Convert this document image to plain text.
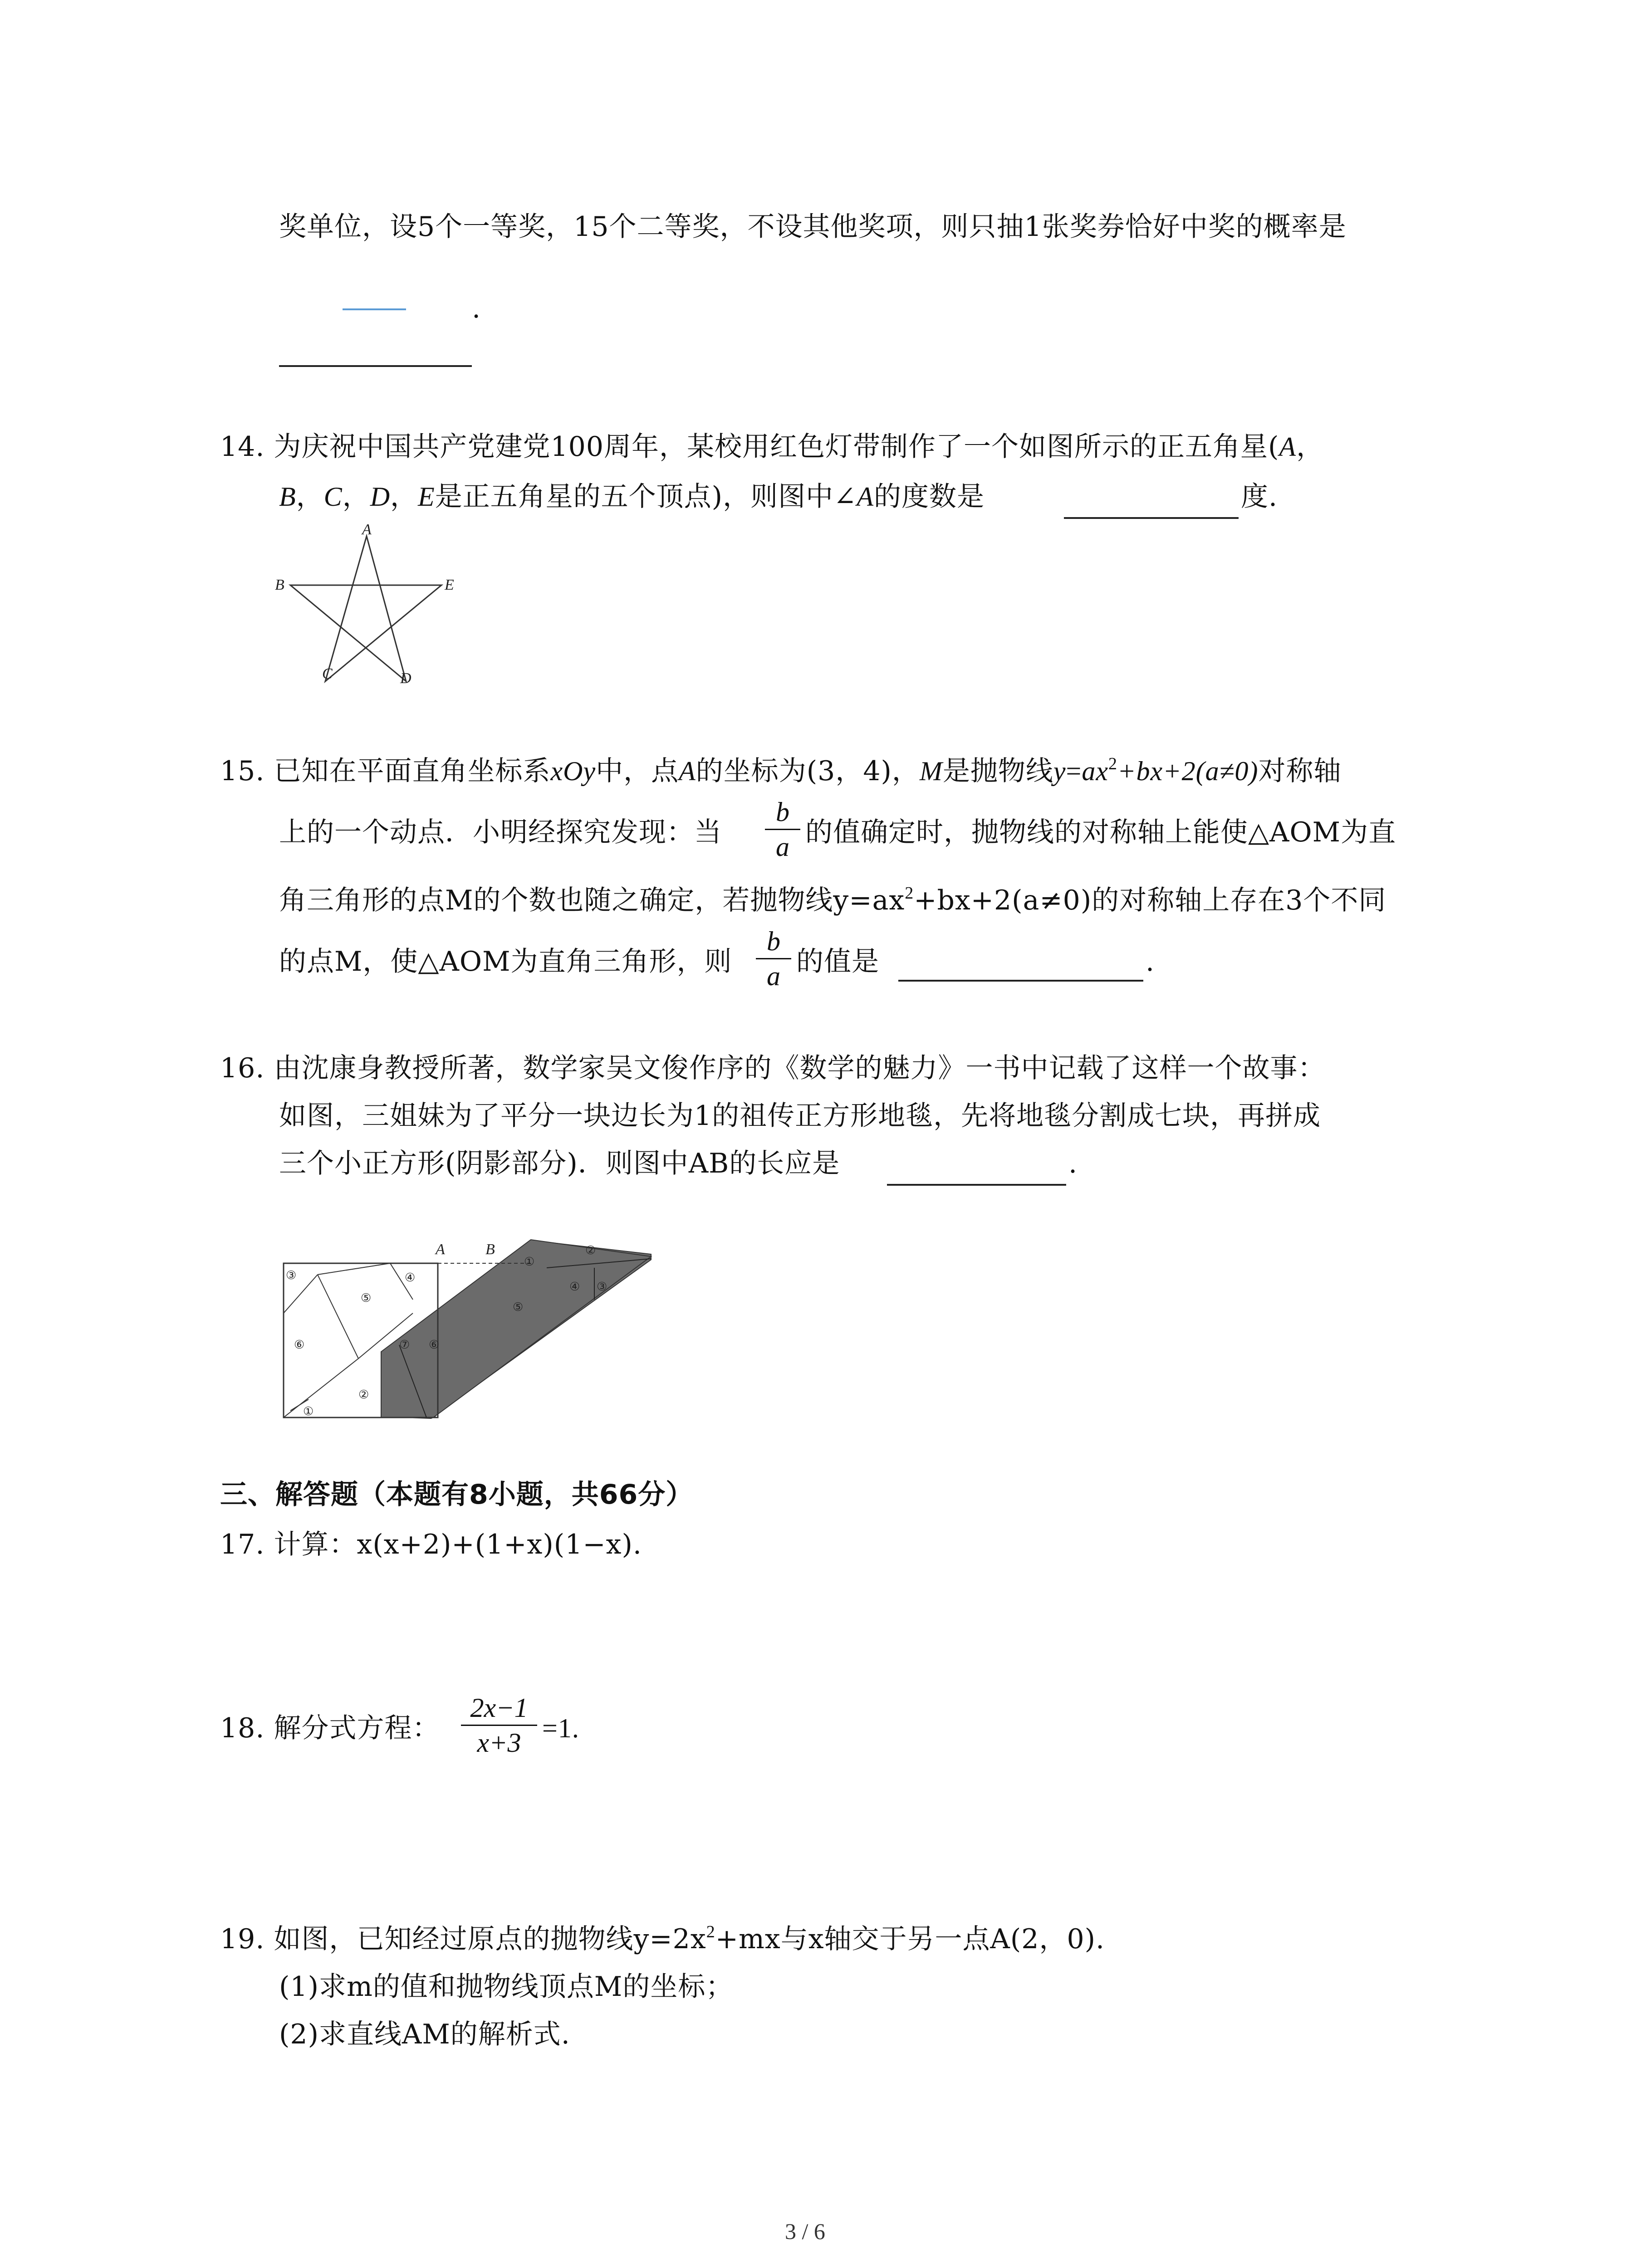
奖单位，设5个一等奖，15个二等奖，不设其他奖项，则只抽1张奖券恰好中奖的概率是
.
14. 为庆祝中国共产党建党100周年，某校用红色灯带制作了一个如图所示的正五角星(A，
B，C，D，E是正五角星的五个顶点)，则图中∠A的度数是	度.
A
B	E
C	D
15. 已知在平面直角坐标系xOy中，点A的坐标为(3，4)，M是抛物线$y=ax^2+bx+2(a\ne 0)$对称轴
上的一个动点．小明经探究发现：当
b
a 的值确定时，抛物线的对称轴上能使△AOM为直
角三角形的点M的个数也随之确定，若抛物线$y=ax^2+bx+2(a\ne 0)$的对称轴上存在3个不同
的点M，使△AOM为直角三角形，则
b
a 的值是	.
16. 由沈康身教授所著，数学家吴文俊作序的《数学的魅力》一书中记载了这样一个故事：
如图，三姐妹为了平分一块边长为1的祖传正方形地毯，先将地毯分割成七块，再拼成
三个小正方形(阴影部分)．则图中AB的长应是	.
A	B
③
⑤
④
⑥	⑦ ⑥
②
①
①
②
④ ③
⑤
三、解答题（本题有8小题，共66分）
17. 计算：x(x+2)+(1+x)(1−x).
18. 解分式方程：
2x−1
x+3 =1.
19. 如图，已知经过原点的抛物线$y=2x^2+mx$与x轴交于另一点A(2，0).
(1)求m的值和抛物线顶点M的坐标；
(2)求直线AM的解析式.
3 / 6
